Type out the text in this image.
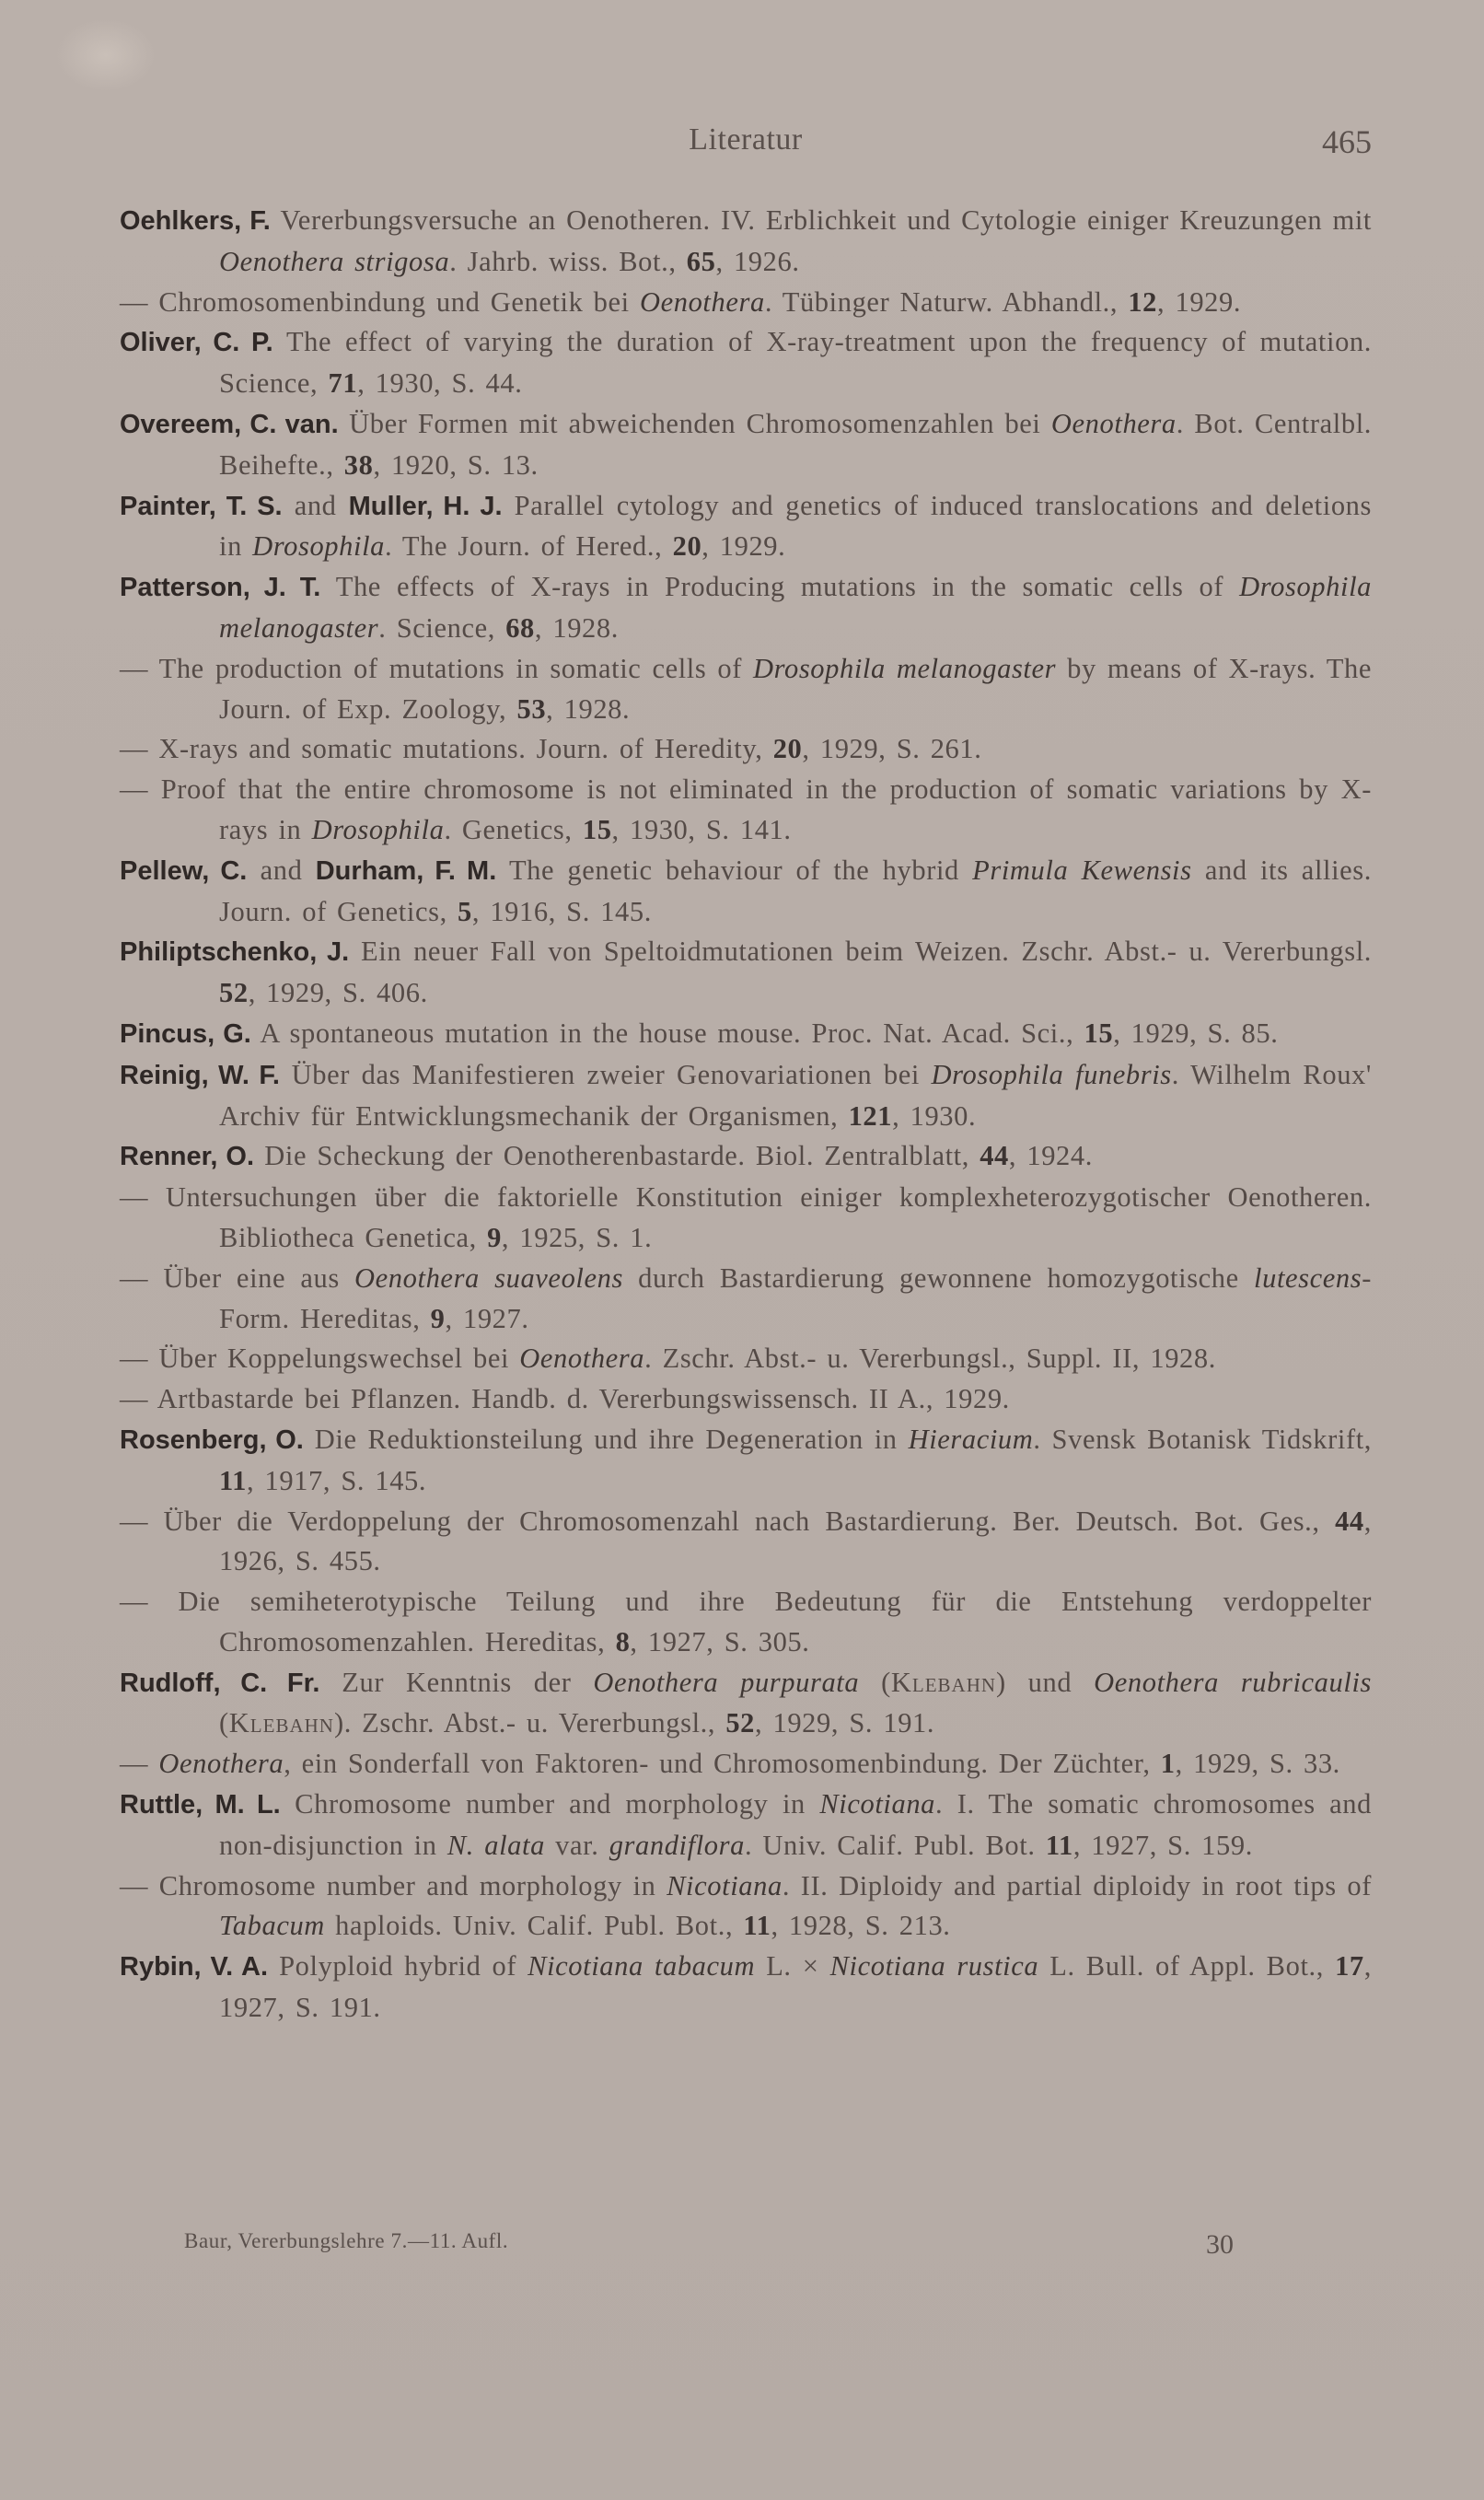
Literatur	465

Oehlkers, F. Vererbungsversuche an Oenotheren. IV. Erblichkeit und Cytologie einiger Kreuzungen mit Oenothera strigosa. Jahrb. wiss. Bot., 65, 1926.

— Chromosomenbindung und Genetik bei Oenothera. Tübinger Naturw. Abhandl., 12, 1929.

Oliver, C. P. The effect of varying the duration of X-ray-treatment upon the frequency of mutation. Science, 71, 1930, S. 44.

Overeem, C. van. Über Formen mit abweichenden Chromosomenzahlen bei Oenothera. Bot. Centralbl. Beihefte., 38, 1920, S. 13.

Painter, T. S. and Muller, H. J. Parallel cytology and genetics of induced translocations and deletions in Drosophila. The Journ. of Hered., 20, 1929.

Patterson, J. T. The effects of X-rays in Producing mutations in the somatic cells of Drosophila melanogaster. Science, 68, 1928.

— The production of mutations in somatic cells of Drosophila melanogaster by means of X-rays. The Journ. of Exp. Zoology, 53, 1928.

— X-rays and somatic mutations. Journ. of Heredity, 20, 1929, S. 261.

— Proof that the entire chromosome is not eliminated in the production of somatic variations by X-rays in Drosophila. Genetics, 15, 1930, S. 141.

Pellew, C. and Durham, F. M. The genetic behaviour of the hybrid Primula Kewensis and its allies. Journ. of Genetics, 5, 1916, S. 145.

Philiptschenko, J. Ein neuer Fall von Speltoidmutationen beim Weizen. Zschr. Abst.- u. Vererbungsl. 52, 1929, S. 406.

Pincus, G. A spontaneous mutation in the house mouse. Proc. Nat. Acad. Sci., 15, 1929, S. 85.

Reinig, W. F. Über das Manifestieren zweier Genovariationen bei Drosophila funebris. Wilhelm Roux' Archiv für Entwicklungsmechanik der Organismen, 121, 1930.

Renner, O. Die Scheckung der Oenotherenbastarde. Biol. Zentralblatt, 44, 1924.

— Untersuchungen über die faktorielle Konstitution einiger komplexheterozygotischer Oenotheren. Bibliotheca Genetica, 9, 1925, S. 1.

— Über eine aus Oenothera suaveolens durch Bastardierung gewonnene homozygotische lutescens-Form. Hereditas, 9, 1927.

— Über Koppelungswechsel bei Oenothera. Zschr. Abst.- u. Vererbungsl., Suppl. II, 1928.

— Artbastarde bei Pflanzen. Handb. d. Vererbungswissensch. II A., 1929.

Rosenberg, O. Die Reduktionsteilung und ihre Degeneration in Hieracium. Svensk Botanisk Tidskrift, 11, 1917, S. 145.

— Über die Verdoppelung der Chromosomenzahl nach Bastardierung. Ber. Deutsch. Bot. Ges., 44, 1926, S. 455.

— Die semiheterotypische Teilung und ihre Bedeutung für die Entstehung verdoppelter Chromosomenzahlen. Hereditas, 8, 1927, S. 305.

Rudloff, C. Fr. Zur Kenntnis der Oenothera purpurata (Klebahn) und Oenothera rubricaulis (Klebahn). Zschr. Abst.- u. Vererbungsl., 52, 1929, S. 191.

— Oenothera, ein Sonderfall von Faktoren- und Chromosomenbindung. Der Züchter, 1, 1929, S. 33.

Ruttle, M. L. Chromosome number and morphology in Nicotiana. I. The somatic chromosomes and non-disjunction in N. alata var. grandiflora. Univ. Calif. Publ. Bot. 11, 1927, S. 159.

— Chromosome number and morphology in Nicotiana. II. Diploidy and partial diploidy in root tips of Tabacum haploids. Univ. Calif. Publ. Bot., 11, 1928, S. 213.

Rybin, V. A. Polyploid hybrid of Nicotiana tabacum L. × Nicotiana rustica L. Bull. of Appl. Bot., 17, 1927, S. 191.

Baur, Vererbungslehre 7.—11. Aufl.	30
